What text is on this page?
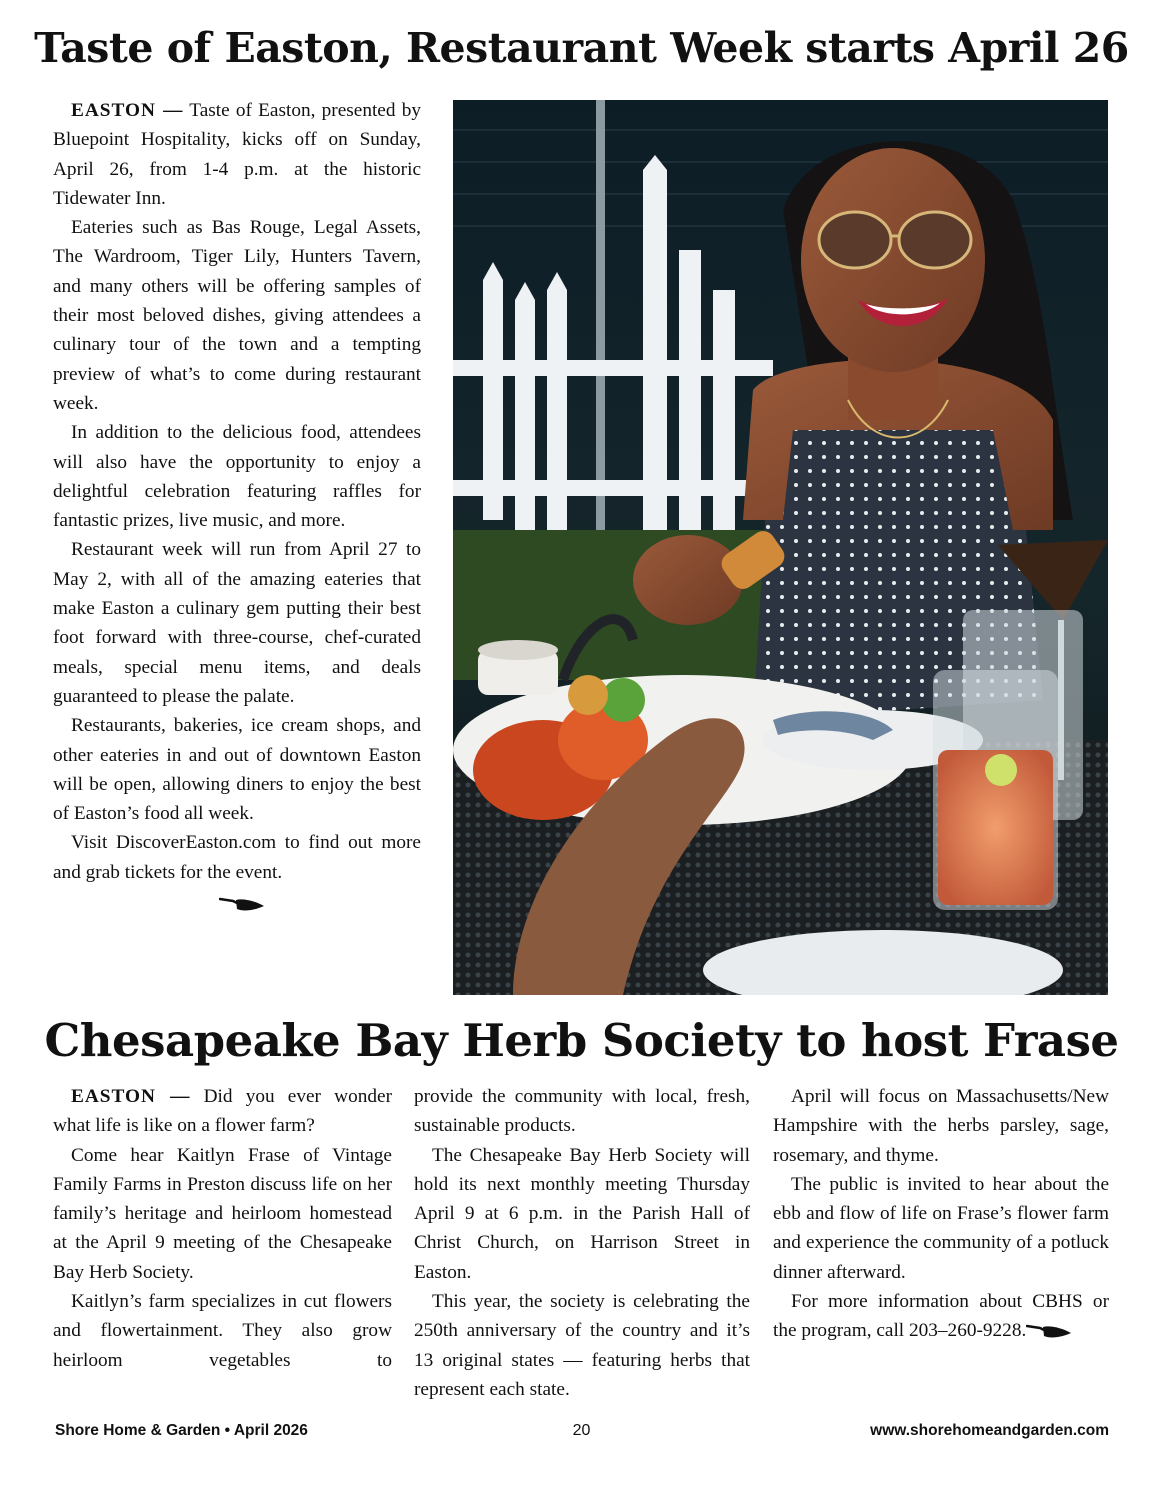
Taste of Easton, Restaurant Week starts April 26

EASTON — Taste of Easton, presented by Bluepoint Hospitality, kicks off on Sunday, April 26, from 1-4 p.m. at the historic Tidewater Inn.

Eateries such as Bas Rouge, Legal Assets, The Wardroom, Tiger Lily, Hunters Tavern, and many others will be offering samples of their most beloved dishes, giving attendees a culinary tour of the town and a tempting preview of what’s to come during restaurant week.

In addition to the delicious food, attendees will also have the opportunity to enjoy a delightful celebration featuring raffles for fantastic prizes, live music, and more.

Restaurant week will run from April 27 to May 2, with all of the amazing eateries that make Easton a culinary gem putting their best foot forward with three-course, chef-curated meals, special menu items, and deals guaranteed to please the palate.

Restaurants, bakeries, ice cream shops, and other eateries in and out of downtown Easton will be open, allowing diners to enjoy the best of Easton’s food all week.

Visit DiscoverEaston.com to find out more and grab tickets for the event.

Chesapeake Bay Herb Society to host Frase

EASTON — Did you ever wonder what life is like on a flower farm?

Come hear Kaitlyn Frase of Vintage Family Farms in Preston discuss life on her family’s heritage and heirloom homestead at the April 9 meeting of the Chesapeake Bay Herb Society.

Kaitlyn’s farm specializes in cut flowers and flowertainment. They also grow heirloom vegetables to

provide the community with local, fresh, sustainable products.

The Chesapeake Bay Herb Society will hold its next monthly meeting Thursday April 9 at 6 p.m. in the Parish Hall of Christ Church, on Harrison Street in Easton.

This year, the society is celebrating the 250th anniversary of the country and it’s 13 original states — featuring herbs that represent each state.

April will focus on Massachusetts/New Hampshire with the herbs parsley, sage, rosemary, and thyme.

The public is invited to hear about the ebb and flow of life on Frase’s flower farm and experience the community of a potluck dinner afterward.

For more information about CBHS or the program, call 203–260-9228.

Shore Home & Garden • April 2026	20	www.shorehomeandgarden.com
